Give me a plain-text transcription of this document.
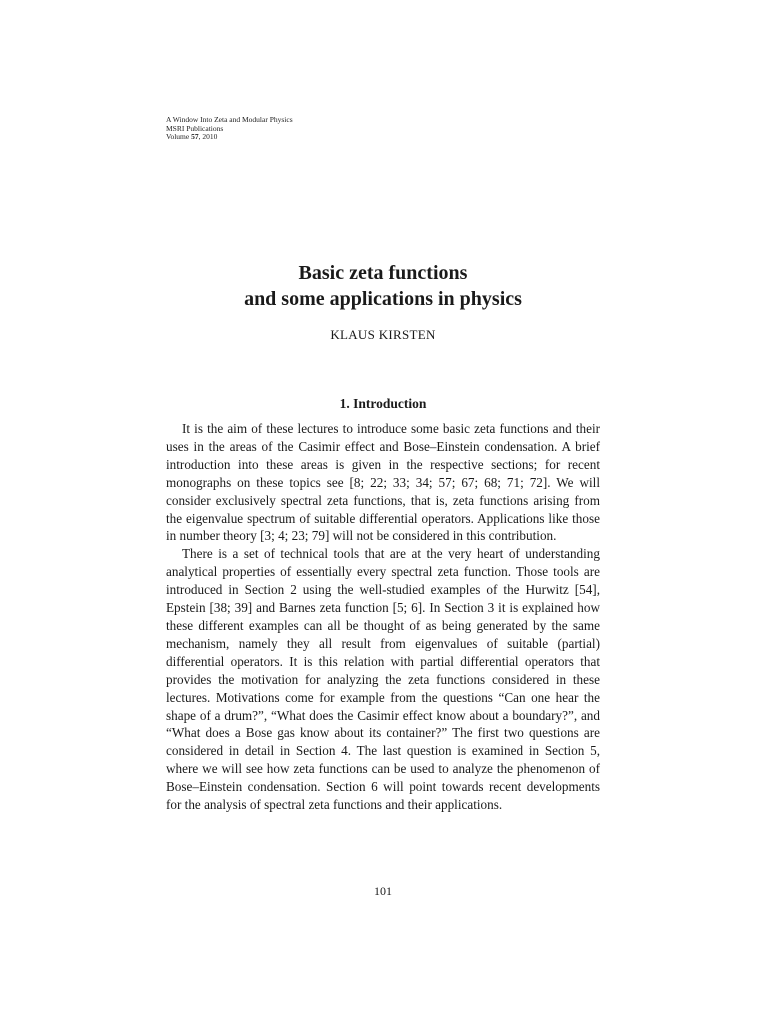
A Window Into Zeta and Modular Physics
MSRI Publications
Volume 57, 2010
Basic zeta functions
and some applications in physics
KLAUS KIRSTEN
1. Introduction

It is the aim of these lectures to introduce some basic zeta functions and their uses in the areas of the Casimir effect and Bose–Einstein condensation. A brief introduction into these areas is given in the respective sections; for recent monographs on these topics see [8; 22; 33; 34; 57; 67; 68; 71; 72]. We will consider exclusively spectral zeta functions, that is, zeta functions arising from the eigenvalue spectrum of suitable differential operators. Applications like those in number theory [3; 4; 23; 79] will not be considered in this contribution.

There is a set of technical tools that are at the very heart of understanding analytical properties of essentially every spectral zeta function. Those tools are introduced in Section 2 using the well-studied examples of the Hurwitz [54], Epstein [38; 39] and Barnes zeta function [5; 6]. In Section 3 it is explained how these different examples can all be thought of as being generated by the same mechanism, namely they all result from eigenvalues of suitable (partial) differential operators. It is this relation with partial differential operators that provides the motivation for analyzing the zeta functions considered in these lectures. Motivations come for example from the questions “Can one hear the shape of a drum?”, “What does the Casimir effect know about a boundary?”, and “What does a Bose gas know about its container?” The first two questions are considered in detail in Section 4. The last question is examined in Section 5, where we will see how zeta functions can be used to analyze the phenomenon of Bose–Einstein condensation. Section 6 will point towards recent developments for the analysis of spectral zeta functions and their applications.

101
